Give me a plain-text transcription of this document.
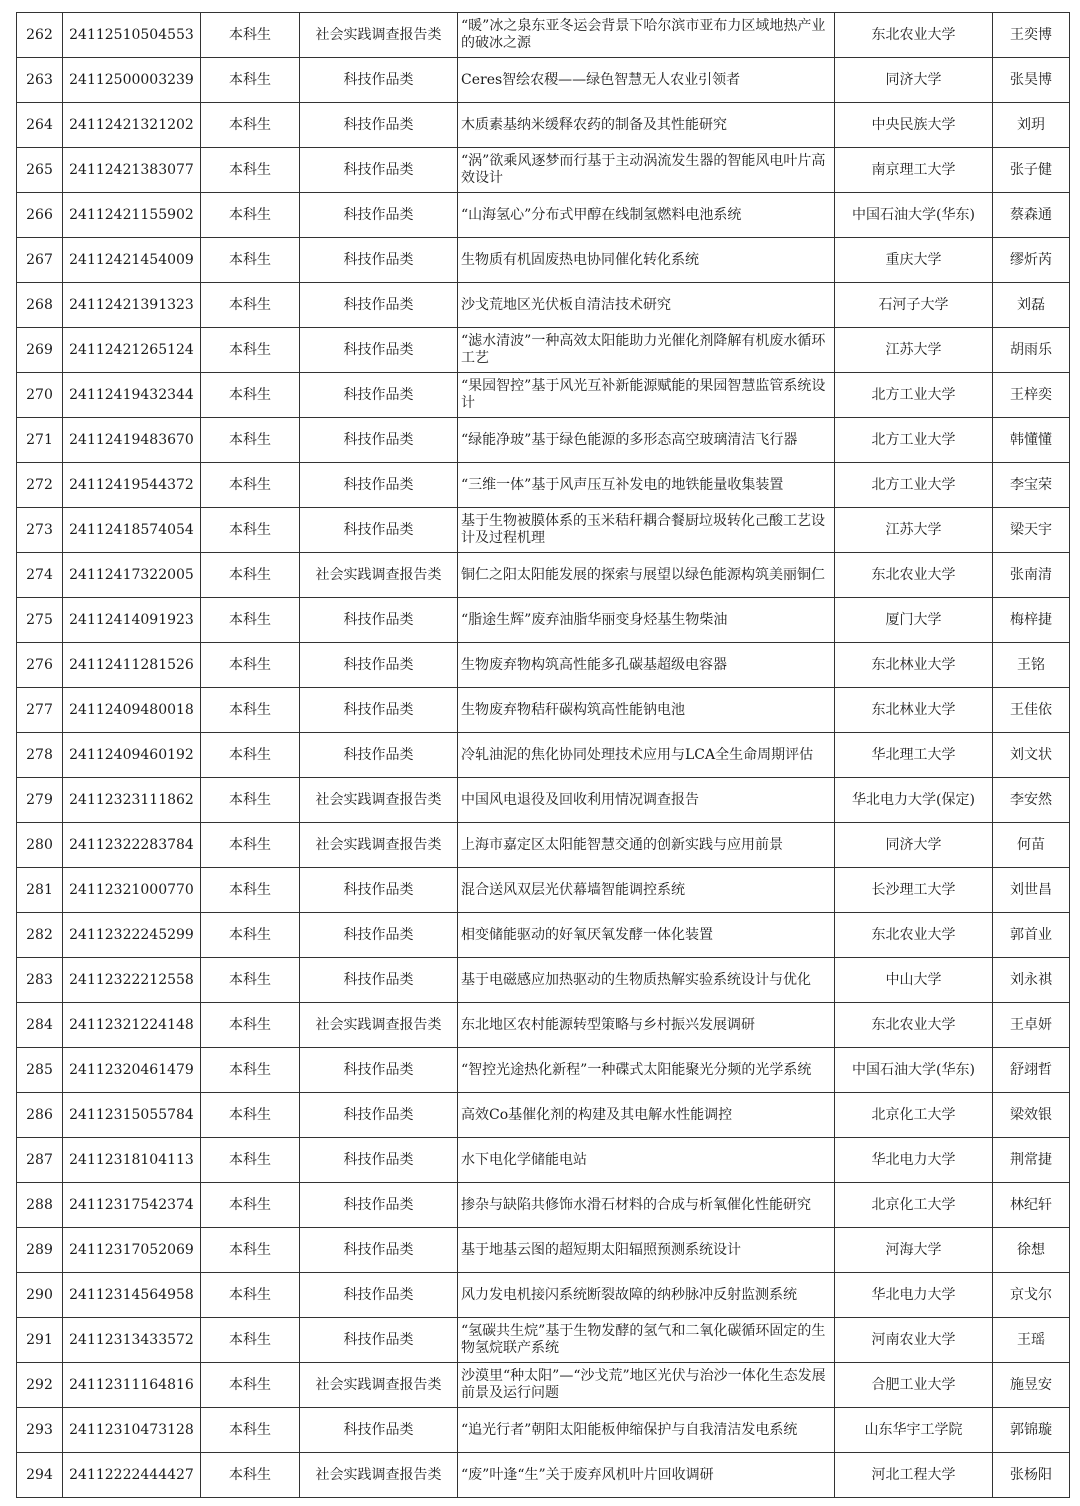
262	24112510504553	本科生	社会实践调查报告类	“暖”冰之泉东亚冬运会背景下哈尔滨市亚布力区域地热产业的破冰之源	东北农业大学	王奕博
263	24112500003239	本科生	科技作品类	Ceres智绘农稷——绿色智慧无人农业引领者	同济大学	张昊博
264	24112421321202	本科生	科技作品类	木质素基纳米缓释农药的制备及其性能研究	中央民族大学	刘玥
265	24112421383077	本科生	科技作品类	“涡”欲乘风逐梦而行基于主动涡流发生器的智能风电叶片高效设计	南京理工大学	张子健
266	24112421155902	本科生	科技作品类	“山海氢心”分布式甲醇在线制氢燃料电池系统	中国石油大学(华东)	蔡森通
267	24112421454009	本科生	科技作品类	生物质有机固废热电协同催化转化系统	重庆大学	缪炘芮
268	24112421391323	本科生	科技作品类	沙戈荒地区光伏板自清洁技术研究	石河子大学	刘磊
269	24112421265124	本科生	科技作品类	“滤水清波”一种高效太阳能助力光催化剂降解有机废水循环工艺	江苏大学	胡雨乐
270	24112419432344	本科生	科技作品类	“果园智控”基于风光互补新能源赋能的果园智慧监管系统设计	北方工业大学	王梓奕
271	24112419483670	本科生	科技作品类	“绿能净玻”基于绿色能源的多形态高空玻璃清洁飞行器	北方工业大学	韩懂懂
272	24112419544372	本科生	科技作品类	“三维一体”基于风声压互补发电的地铁能量收集装置	北方工业大学	李宝荣
273	24112418574054	本科生	科技作品类	基于生物被膜体系的玉米秸秆耦合餐厨垃圾转化己酸工艺设计及过程机理	江苏大学	梁天宇
274	24112417322005	本科生	社会实践调查报告类	铜仁之阳太阳能发展的探索与展望以绿色能源构筑美丽铜仁	东北农业大学	张南清
275	24112414091923	本科生	科技作品类	“脂途生辉”废弃油脂华丽变身烃基生物柴油	厦门大学	梅梓捷
276	24112411281526	本科生	科技作品类	生物废弃物构筑高性能多孔碳基超级电容器	东北林业大学	王铭
277	24112409480018	本科生	科技作品类	生物废弃物秸秆碳构筑高性能钠电池	东北林业大学	王佳依
278	24112409460192	本科生	科技作品类	冷轧油泥的焦化协同处理技术应用与LCA全生命周期评估	华北理工大学	刘文状
279	24112323111862	本科生	社会实践调查报告类	中国风电退役及回收利用情况调查报告	华北电力大学(保定)	李安然
280	24112322283784	本科生	社会实践调查报告类	上海市嘉定区太阳能智慧交通的创新实践与应用前景	同济大学	何苗
281	24112321000770	本科生	科技作品类	混合送风双层光伏幕墙智能调控系统	长沙理工大学	刘世昌
282	24112322245299	本科生	科技作品类	相变储能驱动的好氧厌氧发酵一体化装置	东北农业大学	郭首业
283	24112322212558	本科生	科技作品类	基于电磁感应加热驱动的生物质热解实验系统设计与优化	中山大学	刘永祺
284	24112321224148	本科生	社会实践调查报告类	东北地区农村能源转型策略与乡村振兴发展调研	东北农业大学	王卓妍
285	24112320461479	本科生	科技作品类	“智控光途热化新程”一种碟式太阳能聚光分频的光学系统	中国石油大学(华东)	舒翊哲
286	24112315055784	本科生	科技作品类	高效Co基催化剂的构建及其电解水性能调控	北京化工大学	梁效银
287	24112318104113	本科生	科技作品类	水下电化学储能电站	华北电力大学	荆常捷
288	24112317542374	本科生	科技作品类	掺杂与缺陷共修饰水滑石材料的合成与析氧催化性能研究	北京化工大学	林纪轩
289	24112317052069	本科生	科技作品类	基于地基云图的超短期太阳辐照预测系统设计	河海大学	徐想
290	24112314564958	本科生	科技作品类	风力发电机接闪系统断裂故障的纳秒脉冲反射监测系统	华北电力大学	京戈尔
291	24112313433572	本科生	科技作品类	“氢碳共生烷”基于生物发酵的氢气和二氧化碳循环固定的生物氢烷联产系统	河南农业大学	王瑶
292	24112311164816	本科生	社会实践调查报告类	沙漠里“种太阳”—“沙戈荒”地区光伏与治沙一体化生态发展前景及运行问题	合肥工业大学	施昱安
293	24112310473128	本科生	科技作品类	“追光行者”朝阳太阳能板伸缩保护与自我清洁发电系统	山东华宇工学院	郭锦璇
294	24112222444427	本科生	社会实践调查报告类	“废”叶逢“生”关于废弃风机叶片回收调研	河北工程大学	张杨阳
